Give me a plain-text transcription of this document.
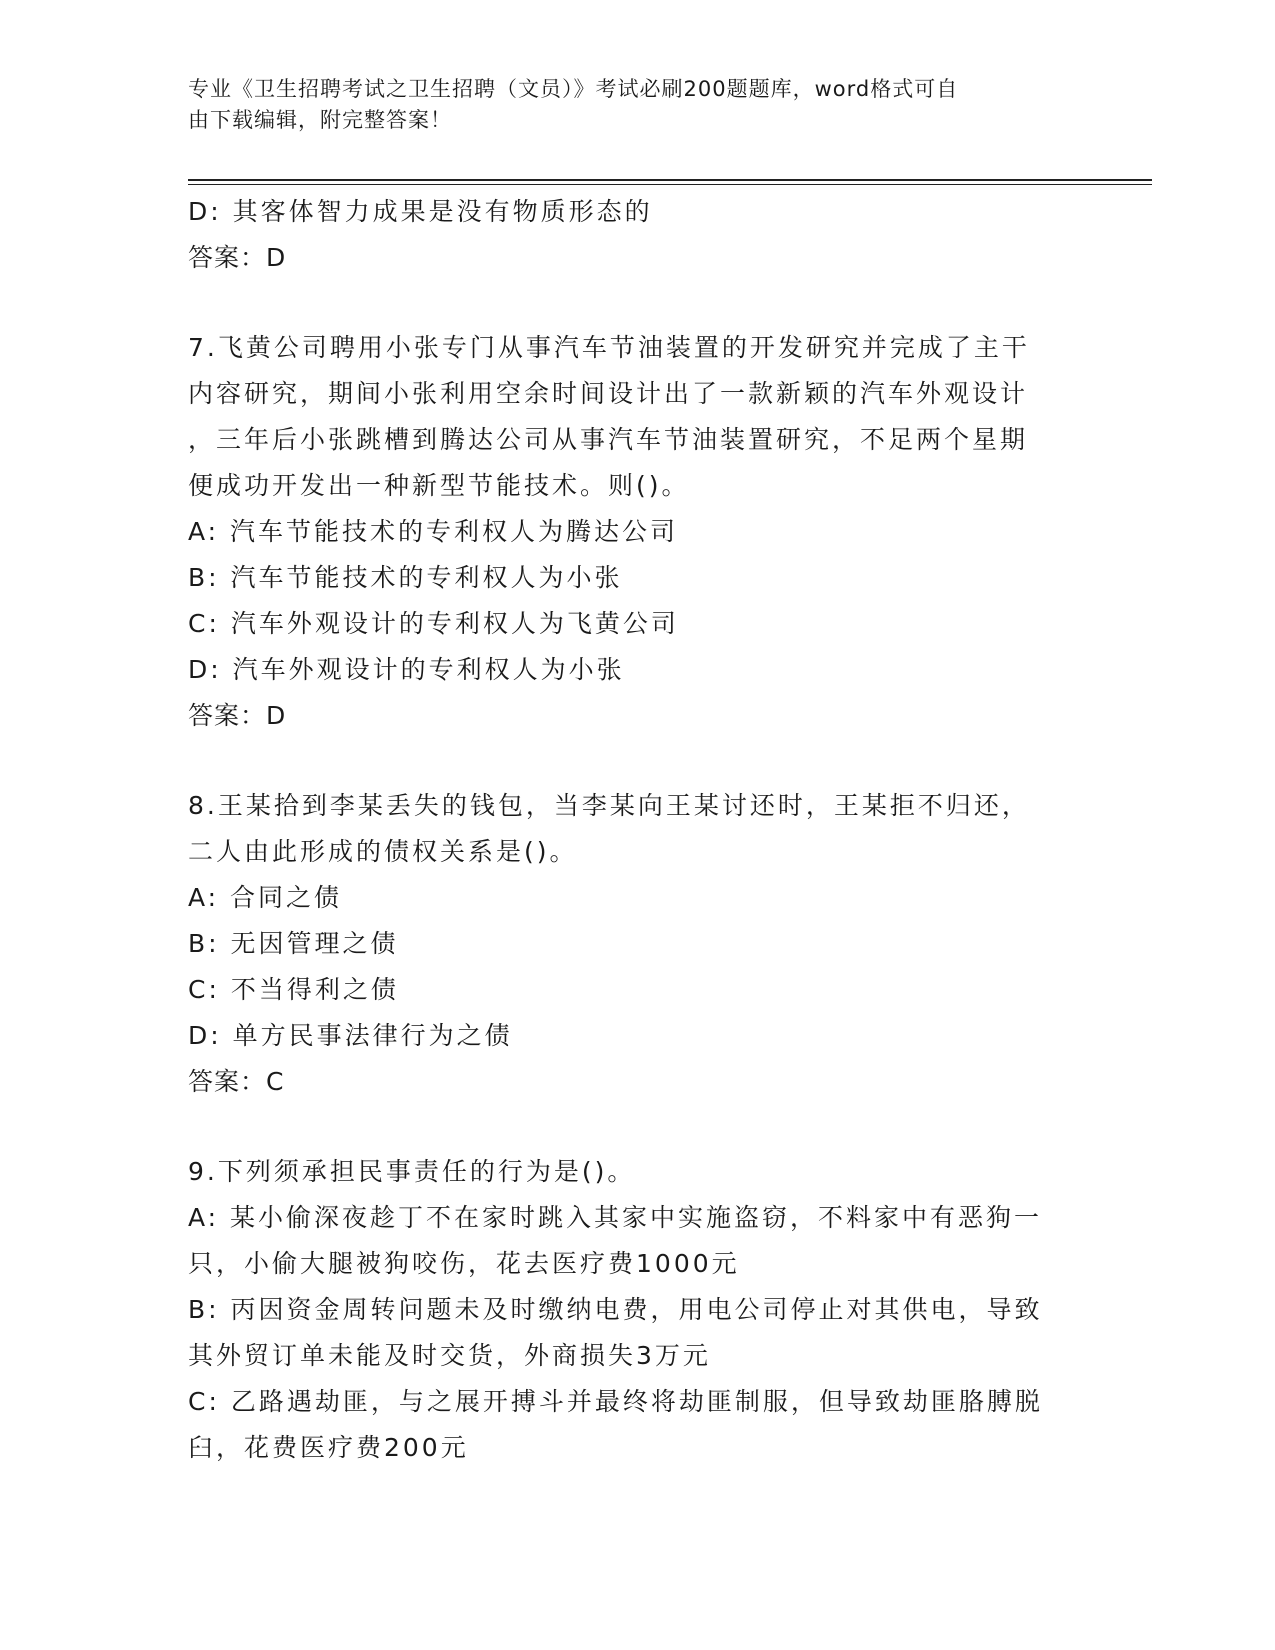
专业《卫生招聘考试之卫生招聘（文员）》考试必刷200题题库，word格式可自
由下载编辑，附完整答案！
D: 其客体智力成果是没有物质形态的
答案：D
7.飞黄公司聘用小张专门从事汽车节油装置的开发研究并完成了主干
内容研究，期间小张利用空余时间设计出了一款新颖的汽车外观设计
，三年后小张跳槽到腾达公司从事汽车节油装置研究，不足两个星期
便成功开发出一种新型节能技术。则()。
A: 汽车节能技术的专利权人为腾达公司
B: 汽车节能技术的专利权人为小张
C: 汽车外观设计的专利权人为飞黄公司
D: 汽车外观设计的专利权人为小张
答案：D
8.王某拾到李某丢失的钱包，当李某向王某讨还时，王某拒不归还，
二人由此形成的债权关系是()。
A: 合同之债
B: 无因管理之债
C: 不当得利之债
D: 单方民事法律行为之债
答案：C
9.下列须承担民事责任的行为是()。
A: 某小偷深夜趁丁不在家时跳入其家中实施盗窃，不料家中有恶狗一
只，小偷大腿被狗咬伤，花去医疗费1000元
B: 丙因资金周转问题未及时缴纳电费，用电公司停止对其供电，导致
其外贸订单未能及时交货，外商损失3万元
C: 乙路遇劫匪，与之展开搏斗并最终将劫匪制服，但导致劫匪胳膊脱
臼，花费医疗费200元
